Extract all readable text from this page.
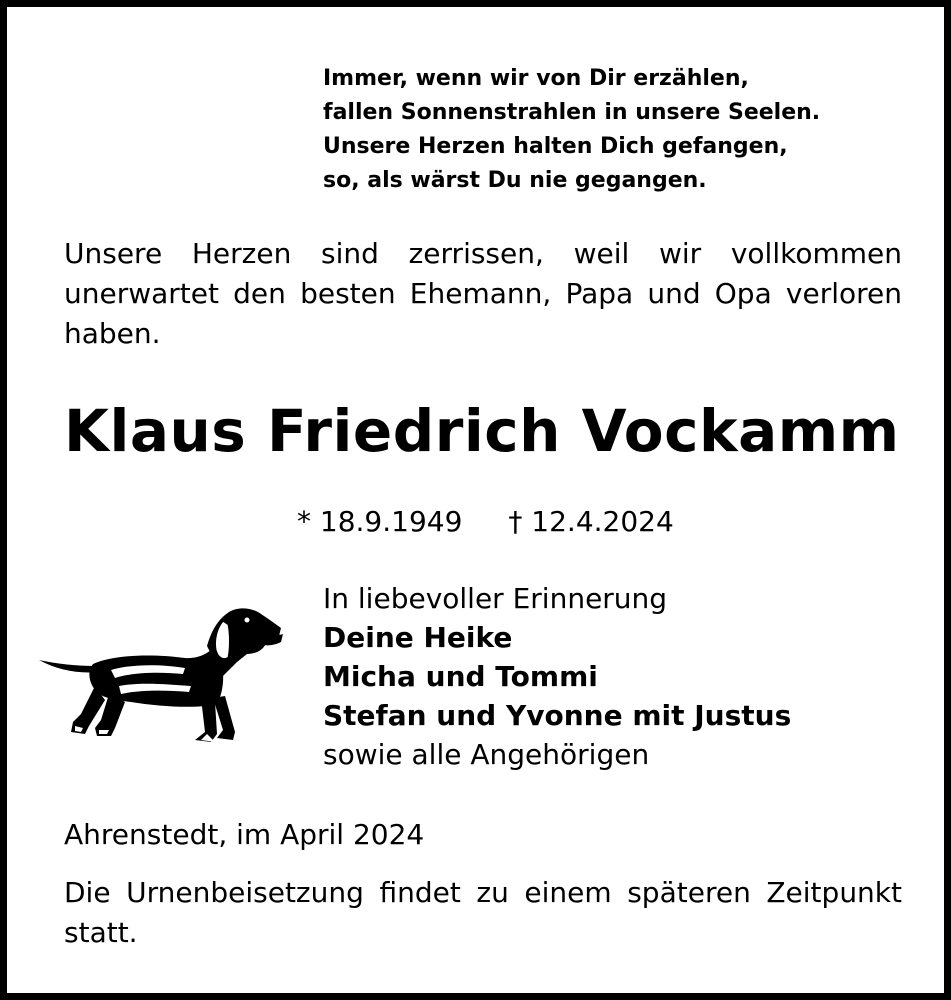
Immer, wenn wir von Dir erzählen,
fallen Sonnenstrahlen in unsere Seelen.
Unsere Herzen halten Dich gefangen,
so, als wärst Du nie gegangen.

Unsere Herzen sind zerrissen, weil wir vollkommen unerwartet den besten Ehemann, Papa und Opa verloren haben.

Klaus Friedrich Vockamm
* 18.9.1949 † 12.4.2024
In liebevoller Erinnerung
Deine Heike
Micha und Tommi
Stefan und Yvonne mit Justus
sowie alle Angehörigen

Ahrenstedt, im April 2024

Die Urnenbeisetzung findet zu einem späteren Zeitpunkt statt.
